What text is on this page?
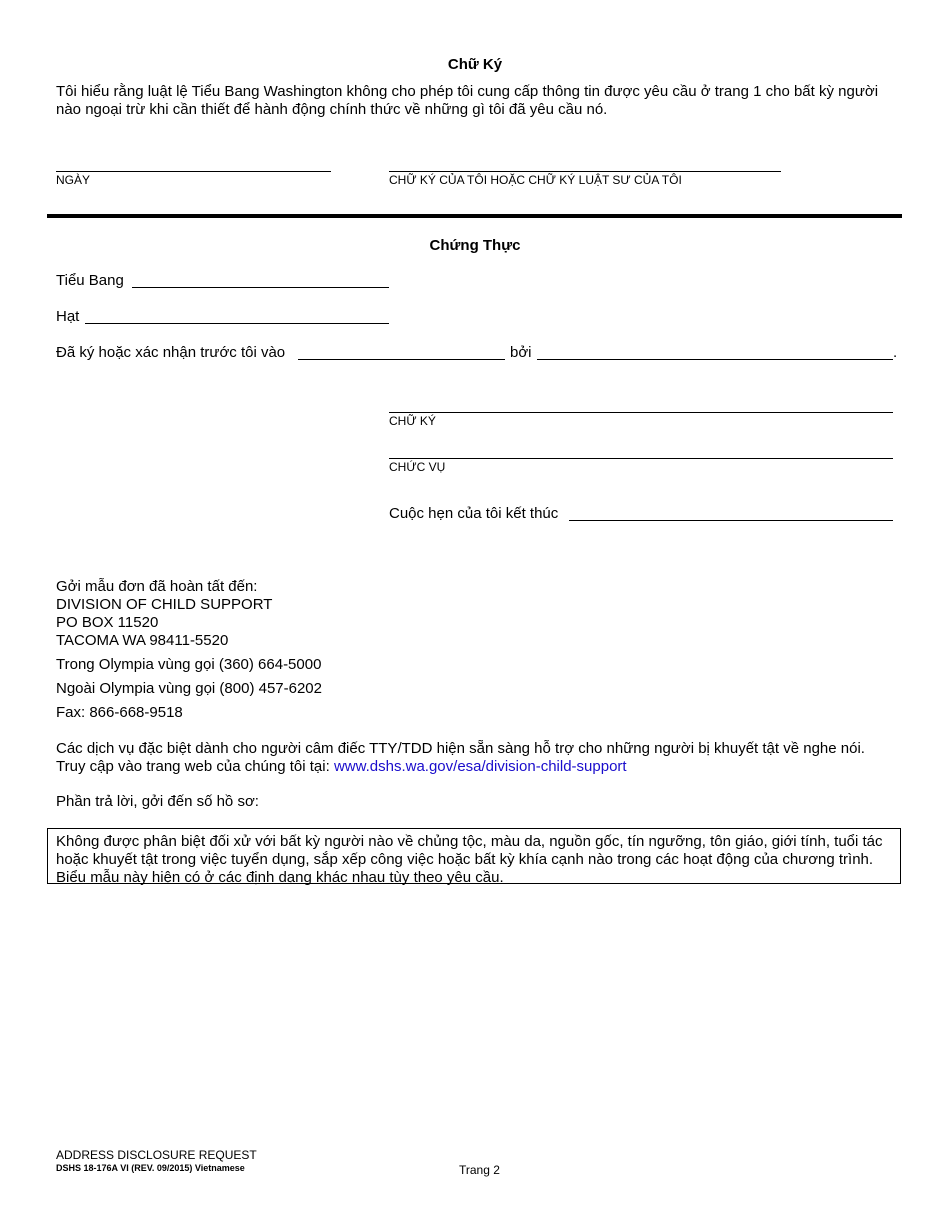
Chữ Ký
Tôi hiểu rằng luật lệ Tiểu Bang Washington không cho phép tôi cung cấp thông tin được yêu cầu ở trang 1 cho bất kỳ người nào ngoại trừ khi cần thiết để hành động chính thức về những gì tôi đã yêu cầu nó.
NGÀY	CHỮ KÝ CỦA TÔI HOẶC CHỮ KÝ LUẬT SƯ CỦA TÔI
Chứng Thực
Tiểu Bang
Hạt
Đã ký hoặc xác nhận trước tôi vào	bởi	.
CHỮ KÝ
CHỨC VỤ
Cuộc hẹn của tôi kết thúc
Gởi mẫu đơn đã hoàn tất đến:
DIVISION OF CHILD SUPPORT
PO BOX 11520
TACOMA WA 98411-5520
Trong Olympia vùng gọi (360) 664-5000
Ngoài Olympia vùng gọi (800) 457-6202
Fax: 866-668-9518
Các dịch vụ đặc biệt dành cho người câm điếc TTY/TDD hiện sẵn sàng hỗ trợ cho những người bị khuyết tật về nghe nói.
Truy cập vào trang web của chúng tôi tại: www.dshs.wa.gov/esa/division-child-support
Phần trả lời, gởi đến số hồ sơ:
Không được phân biệt đối xử với bất kỳ người nào về chủng tộc, màu da, nguồn gốc, tín ngưỡng, tôn giáo, giới tính, tuổi tác hoặc khuyết tật trong việc tuyển dụng, sắp xếp công việc hoặc bất kỳ khía cạnh nào trong các hoạt động của chương trình. Biểu mẫu này hiện có ở các định dạng khác nhau tùy theo yêu cầu.
ADDRESS DISCLOSURE REQUEST
DSHS 18-176A VI (REV. 09/2015) Vietnamese	Trang 2
